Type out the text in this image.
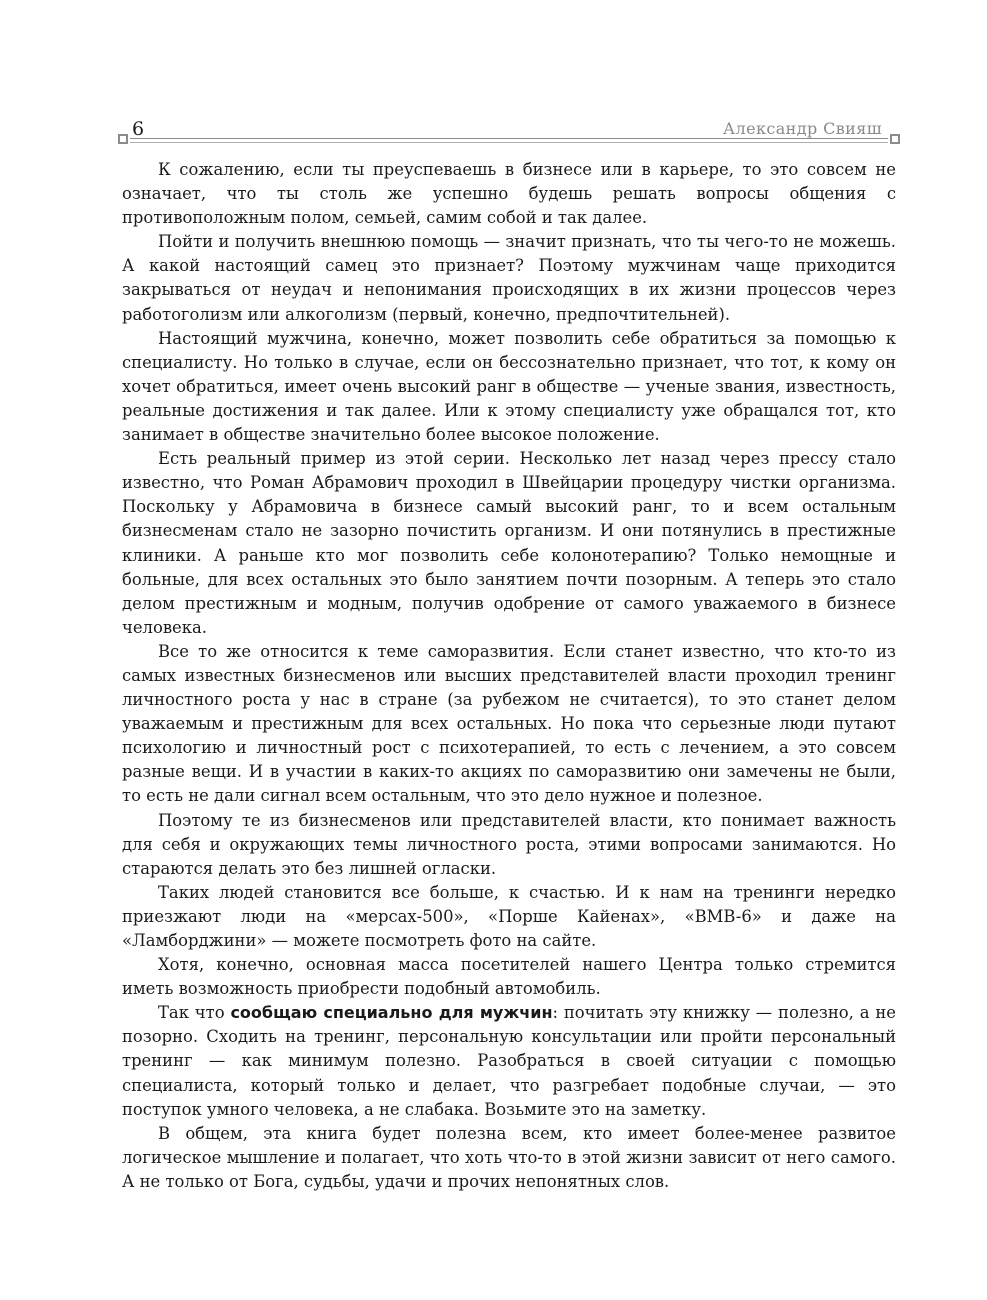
6	Александр Свияш

К сожалению, если ты преуспеваешь в бизнесе или в карьере, то это совсем не означает, что ты столь же успешно будешь решать вопросы общения с противоположным полом, семьей, самим собой и так далее.

Пойти и получить внешнюю помощь — значит признать, что ты чего-то не можешь. А какой настоящий самец это признает? Поэтому мужчинам чаще приходится закрываться от неудач и непонимания происходящих в их жизни процессов через работоголизм или алкоголизм (первый, конечно, предпочтительней).

Настоящий мужчина, конечно, может позволить себе обратиться за помощью к специалисту. Но только в случае, если он бессознательно признает, что тот, к кому он хочет обратиться, имеет очень высокий ранг в обществе — ученые звания, известность, реальные достижения и так далее. Или к этому специалисту уже обращался тот, кто занимает в обществе значительно более высокое положение.

Есть реальный пример из этой серии. Несколько лет назад через прессу стало известно, что Роман Абрамович проходил в Швейцарии процедуру чистки организма. Поскольку у Абрамовича в бизнесе самый высокий ранг, то и всем остальным бизнесменам стало не зазорно почистить организм. И они потянулись в престижные клиники. А раньше кто мог позволить себе колонотерапию? Только немощные и больные, для всех остальных это было занятием почти позорным. А теперь это стало делом престижным и модным, получив одобрение от самого уважаемого в бизнесе человека.

Все то же относится к теме саморазвития. Если станет известно, что кто-то из самых известных бизнесменов или высших представителей власти проходил тренинг личностного роста у нас в стране (за рубежом не считается), то это станет делом уважаемым и престижным для всех остальных. Но пока что серьезные люди путают психологию и личностный рост с психотерапией, то есть с лечением, а это совсем разные вещи. И в участии в каких-то акциях по саморазвитию они замечены не были, то есть не дали сигнал всем остальным, что это дело нужное и полезное.

Поэтому те из бизнесменов или представителей власти, кто понимает важность для себя и окружающих темы личностного роста, этими вопросами занимаются. Но стараются делать это без лишней огласки.

Таких людей становится все больше, к счастью. И к нам на тренинги нередко приезжают люди на «мерсах-500», «Порше Кайенах», «BMB-6» и даже на «Ламборджини» — можете посмотреть фото на сайте.

Хотя, конечно, основная масса посетителей нашего Центра только стремится иметь возможность приобрести подобный автомобиль.

Так что сообщаю специально для мужчин: почитать эту книжку — полезно, а не позорно. Сходить на тренинг, персональную консультации или пройти персональный тренинг — как минимум полезно. Разобраться в своей ситуации с помощью специалиста, который только и делает, что разгребает подобные случаи, — это поступок умного человека, а не слабака. Возьмите это на заметку.

В общем, эта книга будет полезна всем, кто имеет более-менее развитое логическое мышление и полагает, что хоть что-то в этой жизни зависит от него самого. А не только от Бога, судьбы, удачи и прочих непонятных слов.
